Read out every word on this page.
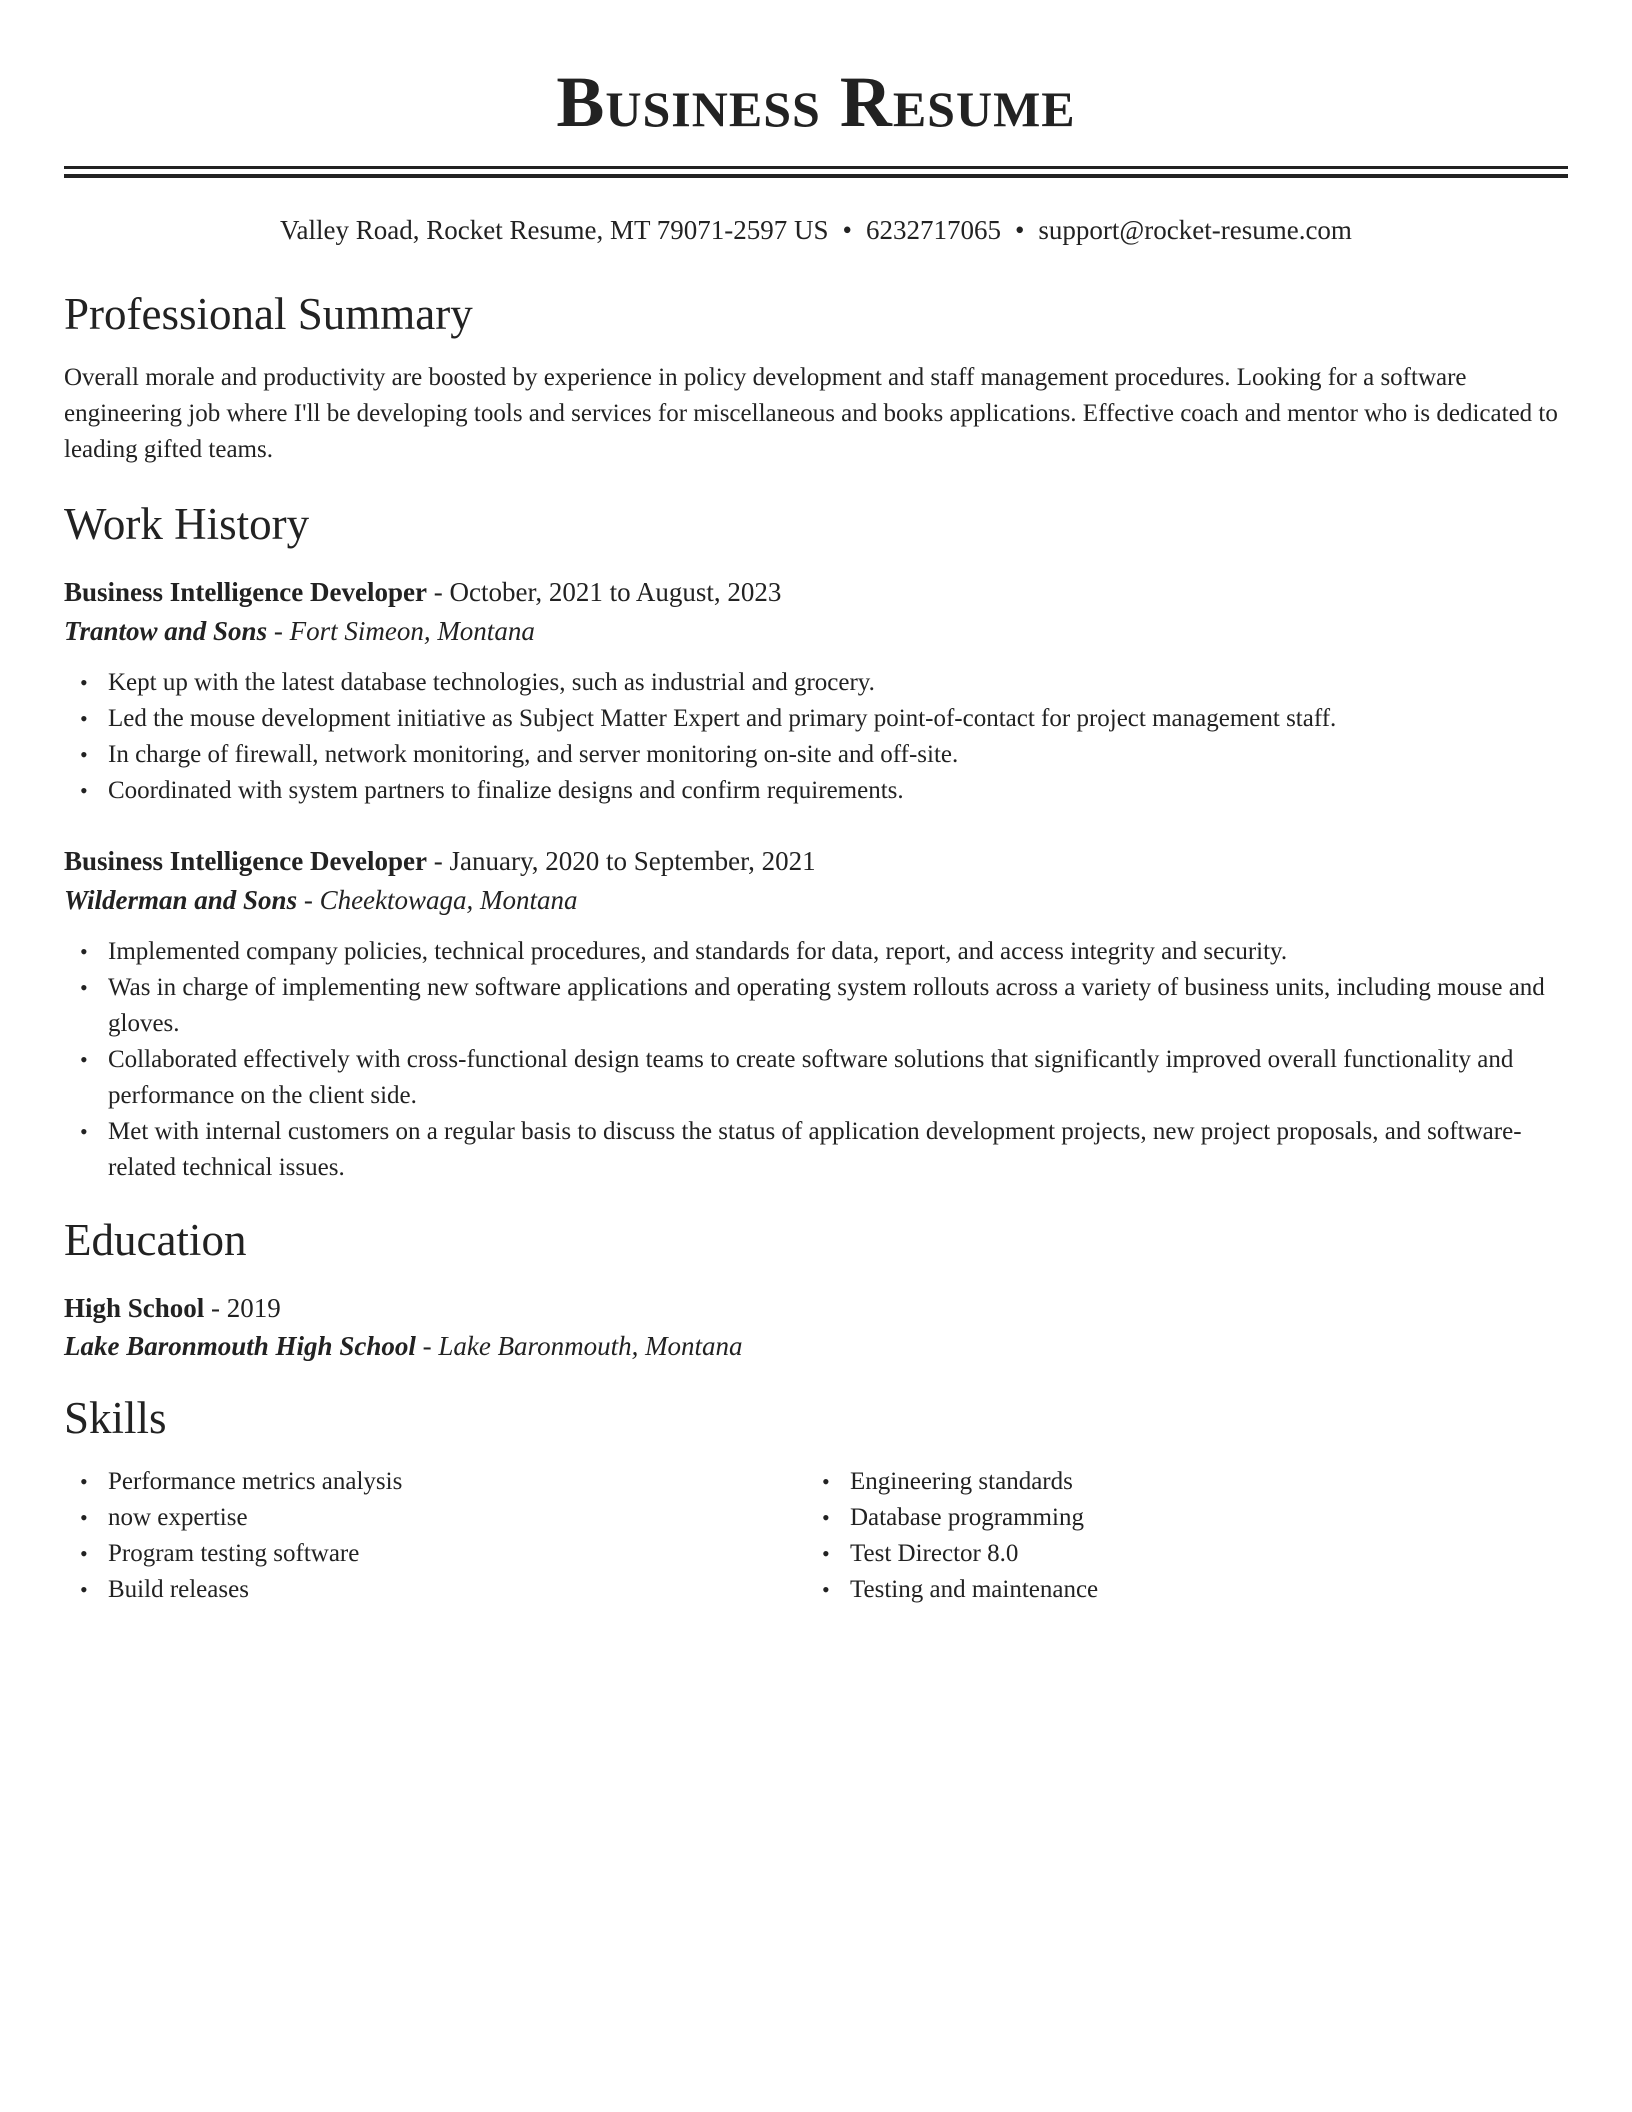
Business Resume
Valley Road, Rocket Resume, MT 79071-2597 US • 6232717065 • support@rocket-resume.com
Professional Summary

Overall morale and productivity are boosted by experience in policy development and staff management procedures. Looking for a software engineering job where I'll be developing tools and services for miscellaneous and books applications. Effective coach and mentor who is dedicated to leading gifted teams.

Work History
Business Intelligence Developer - October, 2021 to August, 2023
Trantow and Sons - Fort Simeon, Montana
• Kept up with the latest database technologies, such as industrial and grocery.
• Led the mouse development initiative as Subject Matter Expert and primary point-of-contact for project management staff.
• In charge of firewall, network monitoring, and server monitoring on-site and off-site.
• Coordinated with system partners to finalize designs and confirm requirements.
Business Intelligence Developer - January, 2020 to September, 2021
Wilderman and Sons - Cheektowaga, Montana
• Implemented company policies, technical procedures, and standards for data, report, and access integrity and security.
• Was in charge of implementing new software applications and operating system rollouts across a variety of business units, including mouse and gloves.
• Collaborated effectively with cross-functional design teams to create software solutions that significantly improved overall functionality and performance on the client side.
• Met with internal customers on a regular basis to discuss the status of application development projects, new project proposals, and software-related technical issues.
Education
High School - 2019
Lake Baronmouth High School - Lake Baronmouth, Montana
Skills
• Performance metrics analysis
• now expertise
• Program testing software
• Build releases
• Engineering standards
• Database programming
• Test Director 8.0
• Testing and maintenance
